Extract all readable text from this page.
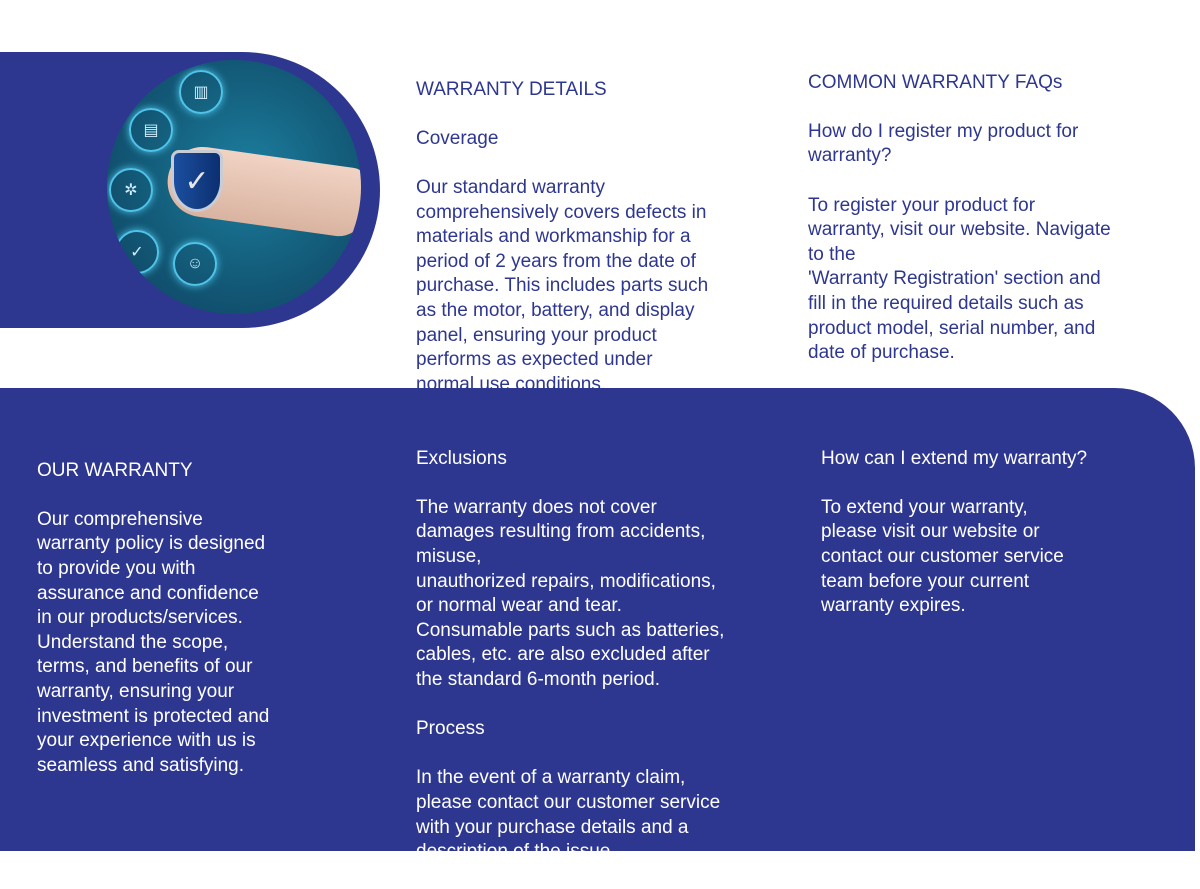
✓
▥
▤
✲
✓
☺

WARRANTY DETAILS

Coverage

Our standard warranty
comprehensively covers defects in
materials and workmanship for a
period of 2 years from the date of
purchase. This includes parts such
as the motor, battery, and display
panel, ensuring your product
performs as expected under
normal use conditions.

COMMON WARRANTY FAQs

How do I register my product for
warranty?

To register your product for
warranty, visit our website. Navigate
to the
'Warranty Registration' section and
fill in the required details such as
product model, serial number, and
date of purchase.

OUR WARRANTY

Our comprehensive
warranty policy is designed
to provide you with
assurance and confidence
in our products/services.
Understand the scope,
terms, and benefits of our
warranty, ensuring your
investment is protected and
your experience with us is
seamless and satisfying.

Exclusions

The warranty does not cover
damages resulting from accidents,
misuse,
unauthorized repairs, modifications,
or normal wear and tear.
Consumable parts such as batteries,
cables, etc. are also excluded after
the standard 6-month period.

Process

In the event of a warranty claim,
please contact our customer service
with your purchase details and a
description of the issue.

How can I extend my warranty?

To extend your warranty,
please visit our website or
contact our customer service
team before your current
warranty expires.
